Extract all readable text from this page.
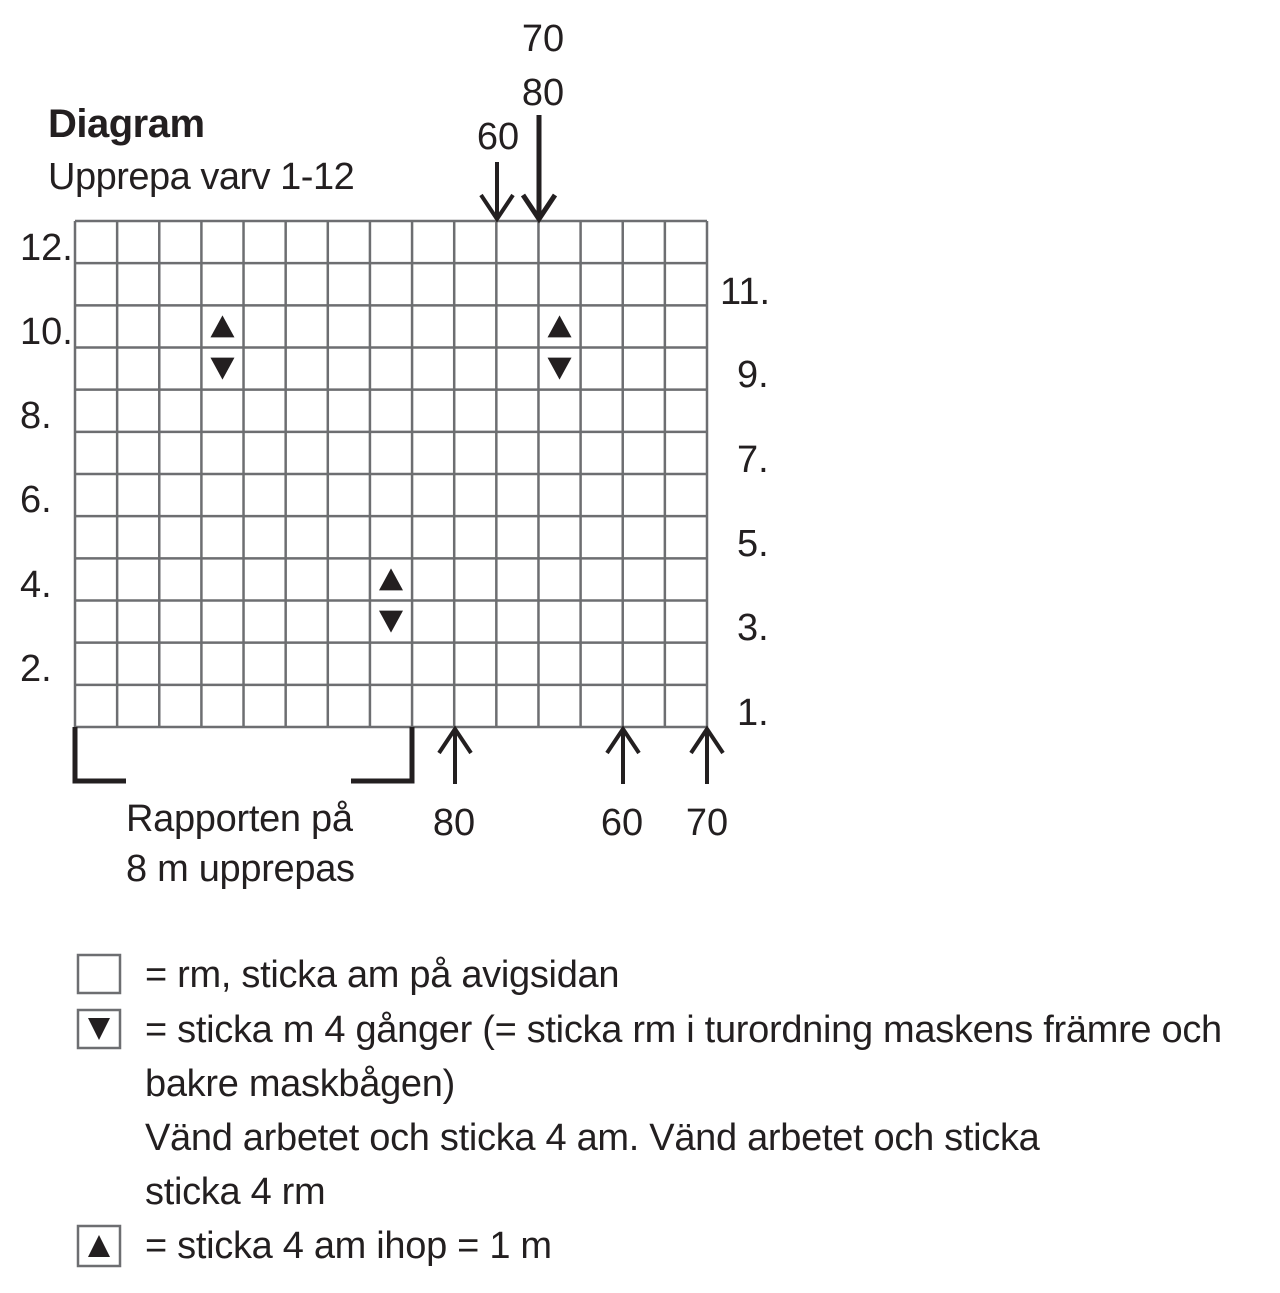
Diagram
Upprepa varv 1-12
70
80
60
12.
10.
8.
6.
4.
2.
11.
9.
7.
5.
3.
1.
80	60	70
Rapporten på
8 m upprepas
= rm, sticka am på avigsidan
= sticka m 4 gånger (= sticka rm i turordning maskens främre och
bakre maskbågen)
Vänd arbetet och sticka 4 am. Vänd arbetet och sticka
sticka 4 rm
= sticka 4 am ihop = 1 m
